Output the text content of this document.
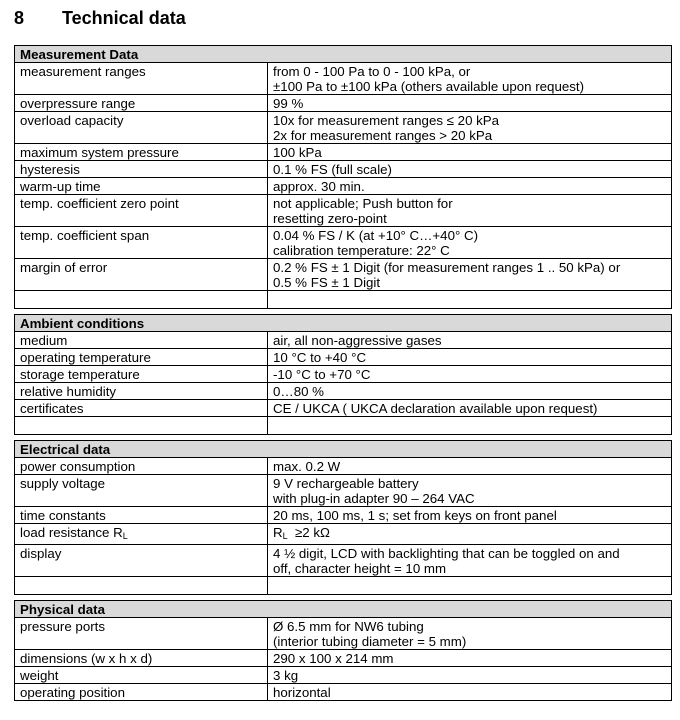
8 Technical data
Measurement Data	
measurement ranges	from 0 - 100 Pa to 0 - 100 kPa, or
±100 Pa to ±100 kPa (others available upon request)

overpressure range	99 %

overload capacity	10x for measurement ranges ≤ 20 kPa
2x for measurement ranges > 20 kPa

maximum system pressure	100 kPa

hysteresis	0.1 % FS (full scale)

warm-up time	approx. 30 min.

temp. coefficient zero point	not applicable; Push button for
resetting zero-point

temp. coefficient span	0.04 % FS / K (at +10° C…+40° C)
calibration temperature: 22° C

margin of error	0.2 % FS ± 1 Digit (for measurement ranges 1 .. 50 kPa) or
0.5 % FS ± 1 Digit

Ambient conditions	
medium	air, all non-aggressive gases

operating temperature	10 °C to +40 °C

storage temperature	-10 °C to +70 °C

relative humidity	0…80 %

certificates	CE / UKCA ( UKCA declaration available upon request)

Electrical data	
power consumption	max. 0.2 W

supply voltage	9 V rechargeable battery
with plug-in adapter 90 – 264 VAC

time constants	20 ms, 100 ms, 1 s; set from keys on front panel

load resistance $R_L$	$R_L \ge 2$ kΩ

display	4 ½ digit, LCD with backlighting that can be toggled on and
off, character height = 10 mm

Physical data	
pressure ports	Ø 6.5 mm for NW6 tubing
(interior tubing diameter = 5 mm)

dimensions (w x h x d)	290 x 100 x 214 mm

weight	3 kg

operating position	horizontal
